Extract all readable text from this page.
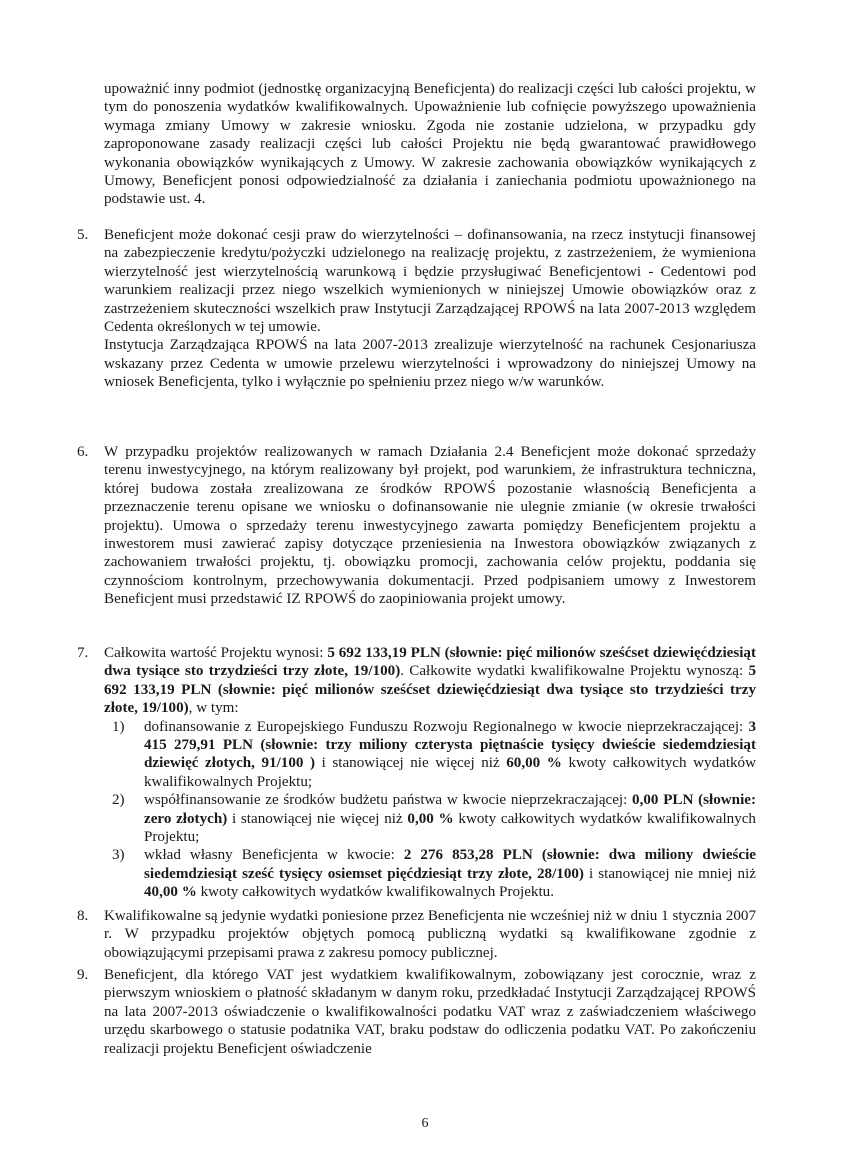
upoważnić inny podmiot (jednostkę organizacyjną Beneficjenta) do realizacji części lub całości projektu, w tym do ponoszenia wydatków kwalifikowalnych. Upoważnienie lub cofnięcie powyższego upoważnienia wymaga zmiany Umowy w zakresie wniosku. Zgoda nie zostanie udzielona, w przypadku gdy zaproponowane zasady realizacji części lub całości Projektu nie będą gwarantować prawidłowego wykonania obowiązków wynikających z Umowy. W zakresie zachowania obowiązków wynikających z Umowy, Beneficjent ponosi odpowiedzialność za działania i zaniechania podmiotu upoważnionego na podstawie ust. 4.

5.	Beneficjent może dokonać cesji praw do wierzytelności – dofinansowania, na rzecz instytucji finansowej na zabezpieczenie kredytu/pożyczki udzielonego na realizację projektu, z zastrzeżeniem, że wymieniona wierzytelność jest wierzytelnością warunkową i będzie przysługiwać Beneficjentowi - Cedentowi pod warunkiem realizacji przez niego wszelkich wymienionych w niniejszej Umowie obowiązków oraz z zastrzeżeniem skuteczności wszelkich praw Instytucji Zarządzającej RPOWŚ na lata 2007-2013 względem Cedenta określonych w tej umowie.

Instytucja Zarządzająca RPOWŚ na lata 2007-2013 zrealizuje wierzytelność na rachunek Cesjonariusza wskazany przez Cedenta w umowie przelewu wierzytelności i wprowadzony do niniejszej Umowy na wniosek Beneficjenta, tylko i wyłącznie po spełnieniu przez niego w/w warunków.

6.	W przypadku projektów realizowanych w ramach Działania 2.4 Beneficjent może dokonać sprzedaży terenu inwestycyjnego, na którym realizowany był projekt, pod warunkiem, że infrastruktura techniczna, której budowa została zrealizowana ze środków RPOWŚ pozostanie własnością Beneficjenta a przeznaczenie terenu opisane we wniosku o dofinansowanie nie ulegnie zmianie (w okresie trwałości projektu). Umowa o sprzedaży terenu inwestycyjnego zawarta pomiędzy Beneficjentem projektu a inwestorem musi zawierać zapisy dotyczące przeniesienia na Inwestora obowiązków związanych z zachowaniem trwałości projektu, tj. obowiązku promocji, zachowania celów projektu, poddania się czynnościom kontrolnym, przechowywania dokumentacji. Przed podpisaniem umowy z Inwestorem Beneficjent musi przedstawić IZ RPOWŚ do zaopiniowania projekt umowy.

7.	Całkowita wartość Projektu wynosi: 5 692 133,19 PLN (słownie: pięć milionów sześćset dziewięćdziesiąt dwa tysiące sto trzydzieści trzy złote, 19/100). Całkowite wydatki kwalifikowalne Projektu wynoszą: 5 692 133,19 PLN (słownie: pięć milionów sześćset dziewięćdziesiąt dwa tysiące sto trzydzieści trzy złote, 19/100), w tym:

1)	dofinansowanie z Europejskiego Funduszu Rozwoju Regionalnego w kwocie nieprzekraczającej: 3 415 279,91 PLN (słownie: trzy miliony czterysta piętnaście tysięcy dwieście siedemdziesiąt dziewięć złotych, 91/100 ) i stanowiącej nie więcej niż 60,00 % kwoty całkowitych wydatków kwalifikowalnych Projektu;

2)	współfinansowanie ze środków budżetu państwa w kwocie nieprzekraczającej: 0,00 PLN (słownie: zero złotych) i stanowiącej nie więcej niż 0,00 % kwoty całkowitych wydatków kwalifikowalnych Projektu;

3)	wkład własny Beneficjenta w kwocie: 2 276 853,28 PLN (słownie: dwa miliony dwieście siedemdziesiąt sześć tysięcy osiemset pięćdziesiąt trzy złote, 28/100) i stanowiącej nie mniej niż 40,00 % kwoty całkowitych wydatków kwalifikowalnych Projektu.

8.	Kwalifikowalne są jedynie wydatki poniesione przez Beneficjenta nie wcześniej niż w dniu 1 stycznia 2007 r. W przypadku projektów objętych pomocą publiczną wydatki są kwalifikowane zgodnie z obowiązującymi przepisami prawa z zakresu pomocy publicznej.

9.	Beneficjent, dla którego VAT jest wydatkiem kwalifikowalnym, zobowiązany jest corocznie, wraz z pierwszym wnioskiem o płatność składanym w danym roku, przedkładać Instytucji Zarządzającej RPOWŚ na lata 2007-2013 oświadczenie o kwalifikowalności podatku VAT wraz z zaświadczeniem właściwego urzędu skarbowego o statusie podatnika VAT, braku podstaw do odliczenia podatku VAT. Po zakończeniu realizacji projektu Beneficjent oświadczenie

6
